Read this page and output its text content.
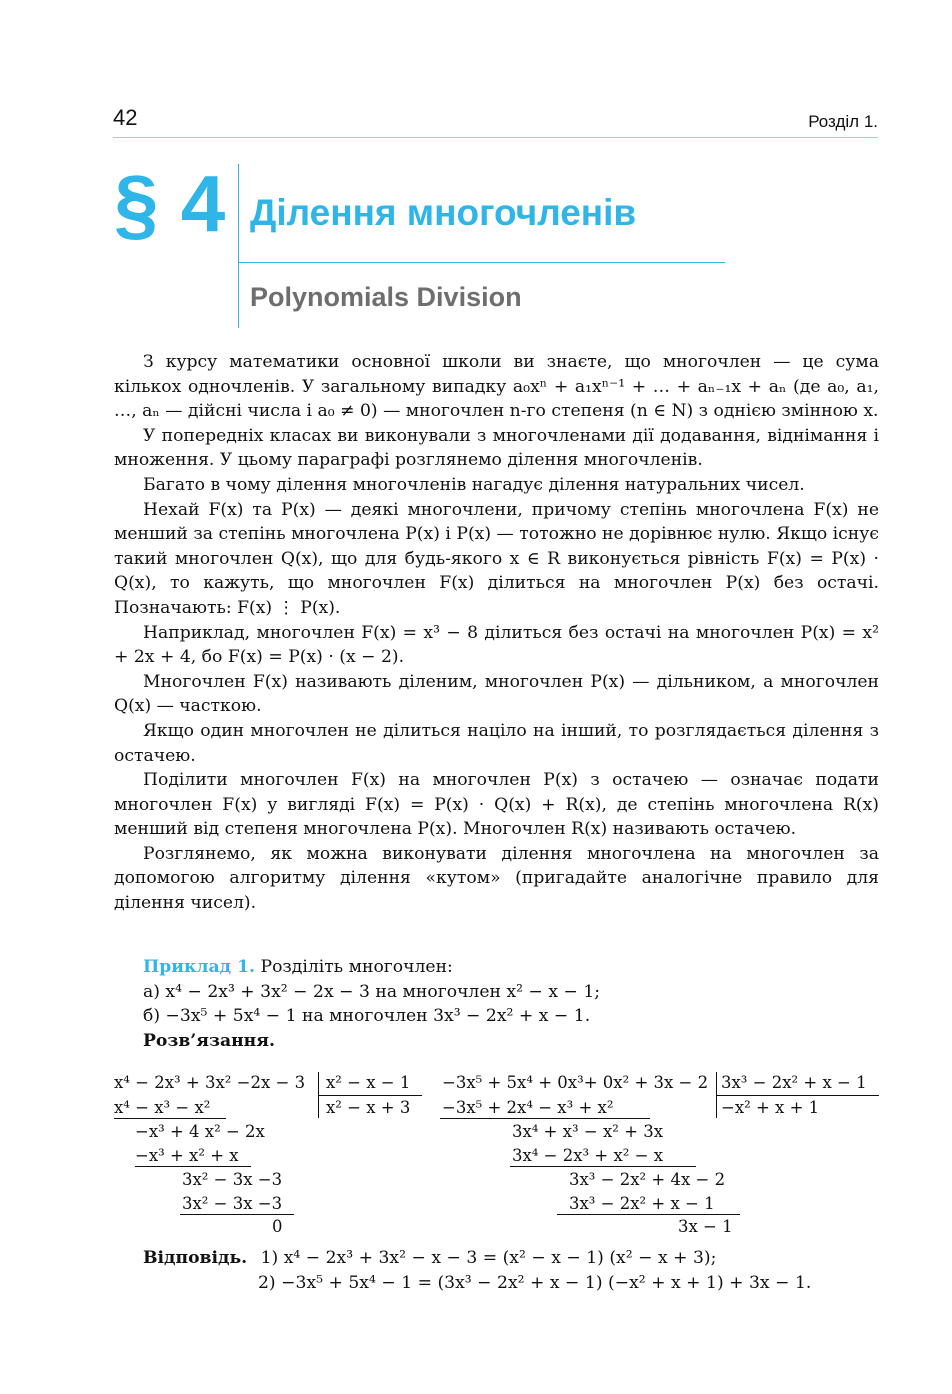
42	Розділ 1.
§ 4 Ділення многочленів
Polynomials Division

З курсу математики основної школи ви знаєте, що многочлен — це сума кількох одночленів. У загальному випадку a₀xⁿ + a₁xⁿ⁻¹ + … + aₙ₋₁x + aₙ (де a₀, a₁, …, aₙ — дійсні числа і a₀ ≠ 0) — многочлен n-го степеня (n ∈ N) з однією змінною x.

У попередніх класах ви виконували з многочленами дії додавання, віднімання і множення. У цьому параграфі розглянемо ділення многочленів.

Багато в чому ділення многочленів нагадує ділення натуральних чисел.

Нехай F(x) та P(x) — деякі многочлени, причому степінь многочлена F(x) не менший за степінь многочлена P(x) і P(x) — тотожно не дорівнює нулю. Якщо існує такий многочлен Q(x), що для будь-якого x ∈ R виконується рівність F(x) = P(x) · Q(x), то кажуть, що многочлен F(x) ділиться на многочлен P(x) без остачі. Позначають: F(x) ⋮ P(x).

Наприклад, многочлен F(x) = x³ − 8 ділиться без остачі на многочлен P(x) = x² + 2x + 4, бо F(x) = P(x) · (x − 2).

Многочлен F(x) називають діленим, многочлен P(x) — дільником, а многочлен Q(x) — часткою.

Якщо один многочлен не ділиться націло на інший, то розглядається ділення з остачею.

Поділити многочлен F(x) на многочлен P(x) з остачею — означає подати многочлен F(x) у вигляді F(x) = P(x) · Q(x) + R(x), де степінь многочлена R(x) менший від степеня многочлена P(x). Многочлен R(x) називають остачею.

Розглянемо, як можна виконувати ділення многочлена на многочлен за допомогою алгоритму ділення «кутом» (пригадайте аналогічне правило для ділення чисел).

Приклад 1. Розділіть многочлен:
а) x⁴ − 2x³ + 3x² − 2x − 3 на многочлен x² − x − 1;
б) −3x⁵ + 5x⁴ − 1 на многочлен 3x³ − 2x² + x − 1.
Розв’язання.
x⁴ − 2x³ + 3x² −2x − 3 x² − x − 1
x² − x + 3
x⁴ − x³ − x²
−x³ + 4 x² − 2x
−x³ + x² + x
3x² − 3x −3
3x² − 3x −3
0
−3x⁵ + 5x⁴ + 0x³+ 0x² + 3x − 2 3x³ − 2x² + x − 1
−x² + x + 1
−3x⁵ + 2x⁴ − x³ + x²
3x⁴ + x³ − x² + 3x
3x⁴ − 2x³ + x² − x
3x³ − 2x² + 4x − 2
3x³ − 2x² + x − 1
3x − 1
Відповідь. 1) x⁴ − 2x³ + 3x² − x − 3 = (x² − x − 1) (x² − x + 3);
2) −3x⁵ + 5x⁴ − 1 = (3x³ − 2x² + x − 1) (−x² + x + 1) + 3x − 1.
